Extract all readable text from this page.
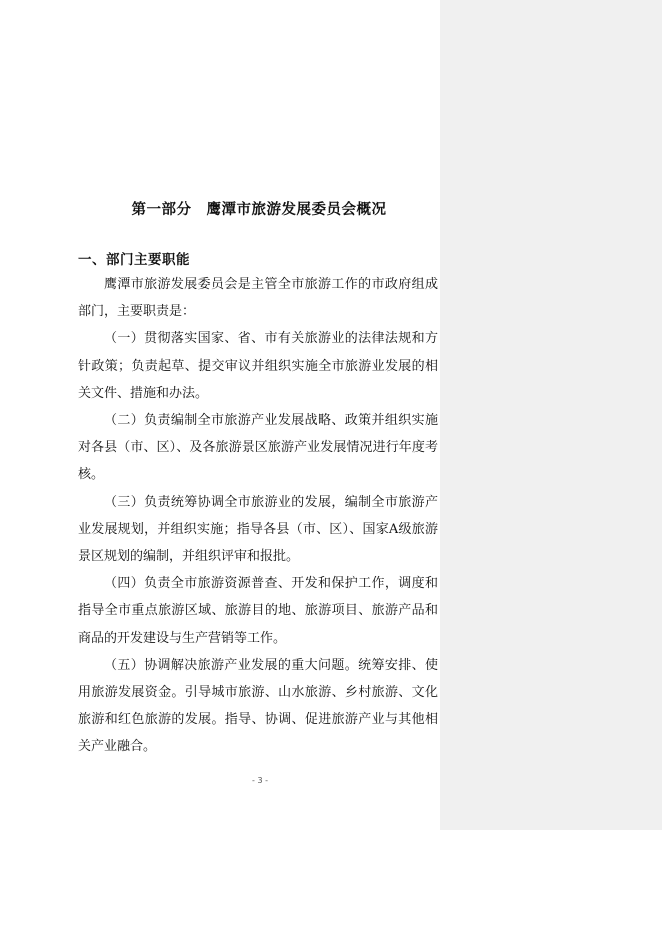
第一部分　鹰潭市旅游发展委员会概况
一、部门主要职能

鹰潭市旅游发展委员会是主管全市旅游工作的市政府组成部门，主要职责是：

（一）贯彻落实国家、省、市有关旅游业的法律法规和方针政策；负责起草、提交审议并组织实施全市旅游业发展的相关文件、措施和办法。

（二）负责编制全市旅游产业发展战略、政策并组织实施对各县（市、区）、及各旅游景区旅游产业发展情况进行年度考核。

（三）负责统筹协调全市旅游业的发展，编制全市旅游产业发展规划，并组织实施；指导各县（市、区）、国家A级旅游景区规划的编制，并组织评审和报批。

（四）负责全市旅游资源普查、开发和保护工作，调度和指导全市重点旅游区域、旅游目的地、旅游项目、旅游产品和商品的开发建设与生产营销等工作。

（五）协调解决旅游产业发展的重大问题。统筹安排、使用旅游发展资金。引导城市旅游、山水旅游、乡村旅游、文化旅游和红色旅游的发展。指导、协调、促进旅游产业与其他相关产业融合。

- 3 -
